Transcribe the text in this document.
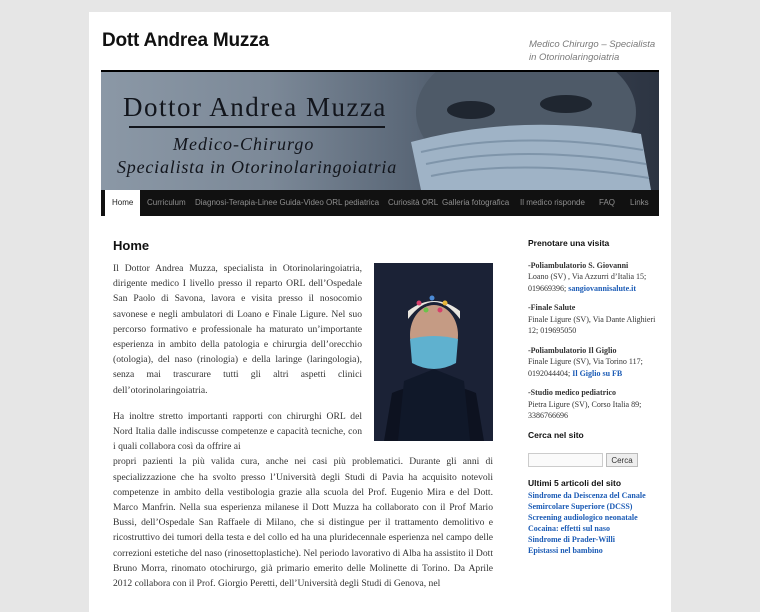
Dott Andrea Muzza	Medico Chirurgo – Specialista in Otorinolaringoiatria
Dottor Andrea Muzza
Medico-Chirurgo
Specialista in Otorinolaringoiatria
Home	Curriculum	Diagnosi-Terapia-Linee Guida-Video ORL pediatrica	Curiosità ORL Galleria fotografica	Il medico risponde	FAQ	Links
Home

Il Dottor Andrea Muzza, specialista in Otorinolaringoiatria, dirigente medico I livello presso il reparto ORL dell’Ospedale San Paolo di Savona, lavora e visita presso il nosocomio savonese e negli ambulatori di Loano e Finale Ligure. Nel suo percorso formativo e professionale ha maturato un’importante esperienza in ambito della patologia e chirurgia dell’orecchio (otologia), del naso (rinologia) e della laringe (laringologia), senza mai trascurare tutti gli altri aspetti clinici dell’otorinolaringoiatria.

Ha inoltre stretto importanti rapporti con chirurghi ORL del Nord Italia dalle indiscusse competenze e capacità tecniche, con i quali collabora così da offrire ai
propri pazienti la più valida cura, anche nei casi più problematici. Durante gli anni di specializzazione che ha svolto presso l’Università degli Studi di Pavia ha acquisito notevoli competenze in ambito della vestibologia grazie alla scuola del Prof. Eugenio Mira e del Dott. Marco Manfrin. Nella sua esperienza milanese il Dott Muzza ha collaborato con il Prof Mario Bussi, dell’Ospedale San Raffaele di Milano, che si distingue per il trattamento demolitivo e ricostruttivo dei tumori della testa e del collo ed ha una pluridecennale esperienza nel campo delle correzioni estetiche del naso (rinosettoplastiche). Nel periodo lavorativo di Alba ha assistito il Dott Bruno Morra, rinomato otochirurgo, già primario emerito delle Molinette di Torino. Da Aprile 2012 collabora con il Prof. Giorgio Peretti, dell’Università degli Studi di Genova, nel

Prenotare una visita
-Poliambulatorio S. Giovanni
Loano (SV) , Via Azzurri d’Italia 15; 019669396; sangiovannisalute.it
-Finale Salute
Finale Ligure (SV), Via Dante Alighieri 12; 019695050
-Poliambulatorio Il Giglio
Finale Ligure (SV), Via Torino 117; 0192044404; Il Giglio su FB
-Studio medico pediatrico
Pietra Ligure (SV), Corso Italia 89; 3386766696
Cerca nel sito
Cerca
Ultimi 5 articoli del sito
Sindrome da Deiscenza del Canale Semircolare Superiore (DCSS)
Screening audiologico neonatale
Cocaina: effetti sul naso
Sindrome di Prader-Willi
Epistassi nel bambino
